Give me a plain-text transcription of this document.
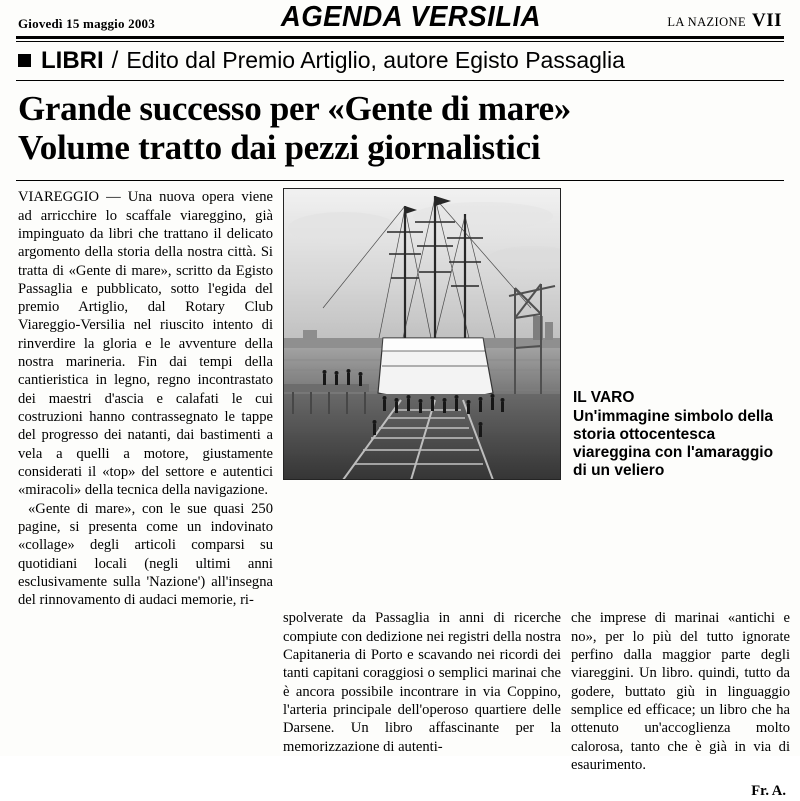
Giovedì 15 maggio 2003	AGENDA VERSILIA	LA NAZIONE VII
LIBRI / Edito dal Premio Artiglio, autore Egisto Passaglia
Grande successo per «Gente di mare»
Volume tratto dai pezzi giornalistici

VIAREGGIO — Una nuova opera viene ad arricchire lo scaffale viareggino, già impinguato da libri che trattano il delicato argomento della storia della nostra città. Si tratta di «Gente di mare», scritto da Egisto Passaglia e pubblicato, sotto l'egida del premio Artiglio, dal Rotary Club Viareggio-Versilia nel riuscito intento di rinverdire la gloria e le avventure della nostra marineria. Fin dai tempi della cantieristica in legno, regno incontrastato dei maestri d'ascia e calafati le cui costruzioni hanno contrassegnato le tappe del progresso dei natanti, dai bastimenti a vela a quelli a motore, giustamente considerati il «top» del settore e autentici «miracoli» della tecnica della navigazione.

«Gente di mare», con le sue quasi 250 pagine, si presenta come un indovinato «collage» degli articoli comparsi su quotidiani locali (negli ultimi anni esclusivamente sulla 'Nazione') all'insegna del rinnovamento di audaci memorie, ri-

IL VARO
Un'immagine simbolo della storia ottocentesca viareggina con l'amaraggio di un veliero

spolverate da Passaglia in anni di ricerche compiute con dedizione nei registri della nostra Capitaneria di Porto e scavando nei ricordi dei tanti capitani coraggiosi o semplici marinai che è ancora possibile incontrare in via Coppino, l'arteria principale dell'operoso quartiere delle Darsene. Un libro affascinante per la memorizzazione di autenti-

che imprese di marinai «antichi e no», per lo più del tutto ignorate perfino dalla maggior parte degli viareggini. Un libro. quindi, tutto da godere, buttato giù in linguaggio semplice ed efficace; un libro che ha ottenuto un'accoglienza molto calorosa, tanto che è già in via di esaurimento.

Fr. A.
